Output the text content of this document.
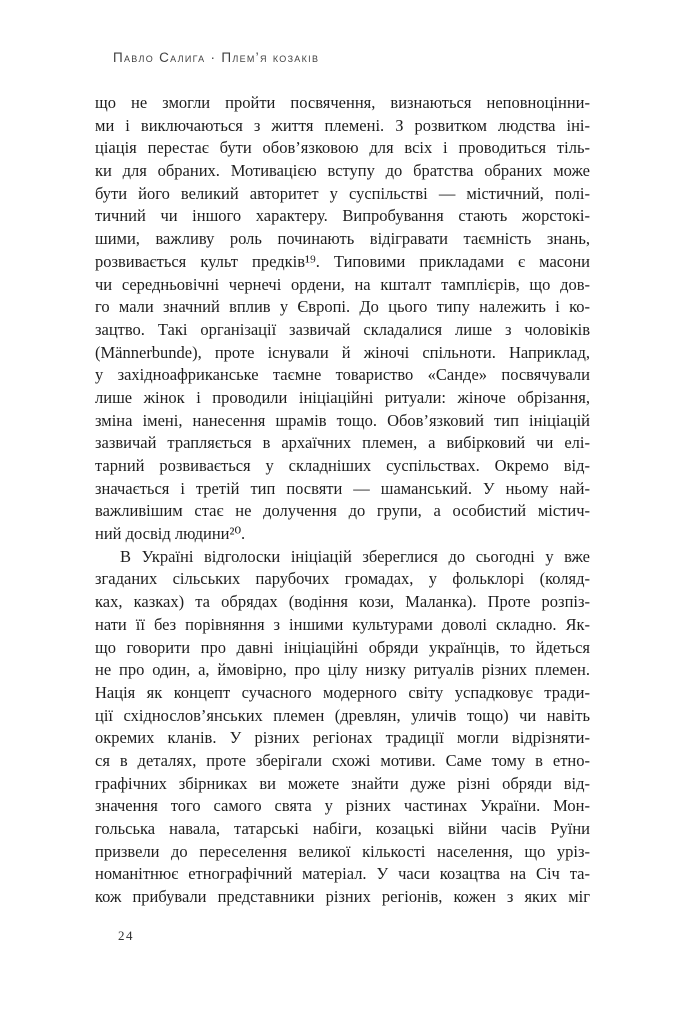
Павло Салига · Плем’я козаків
що не змогли пройти посвячення, визнаються неповноцінни-
ми і виключаються з життя племені. З розвитком людства іні-
ціація перестає бути обов’язковою для всіх і проводиться тіль-
ки для обраних. Мотивацією вступу до братства обраних може
бути його великий авторитет у суспільстві — містичний, полі-
тичний чи іншого характеру. Випробування стають жорстокі-
шими, важливу роль починають відігравати таємність знань,
розвивається культ предків¹⁹. Типовими прикладами є масони
чи середньовічні чернечі ордени, на кшталт тамплієрів, що дов-
го мали значний вплив у Європі. До цього типу належить і ко-
зацтво. Такі організації зазвичай складалися лише з чоловіків
(Männerbunde), проте існували й жіночі спільноти. Наприклад,
у західноафриканське таємне товариство «Санде» посвячували
лише жінок і проводили ініціаційні ритуали: жіноче обрізання,
зміна імені, нанесення шрамів тощо. Обов’язковий тип ініціацій
зазвичай трапляється в архаїчних племен, а вибірковий чи елі-
тарний розвивається у складніших суспільствах. Окремо від-
значається і третій тип посвяти — шаманський. У ньому най-
важливішим стає не долучення до групи, а особистий містич-
ний досвід людини²⁰.
В Україні відголоски ініціацій збереглися до сьогодні у вже
згаданих сільських парубочих громадах, у фольклорі (коляд-
ках, казках) та обрядах (водіння кози, Маланка). Проте розпіз-
нати її без порівняння з іншими культурами доволі складно. Як-
що говорити про давні ініціаційні обряди українців, то йдеться
не про один, а, ймовірно, про цілу низку ритуалів різних племен.
Нація як концепт сучасного модерного світу успадковує тради-
ції східнослов’янських племен (древлян, уличів тощо) чи навіть
окремих кланів. У різних регіонах традиції могли відрізняти-
ся в деталях, проте зберігали схожі мотиви. Саме тому в етно-
графічних збірниках ви можете знайти дуже різні обряди від-
значення того самого свята у різних частинах України. Мон-
гольська навала, татарські набіги, козацькі війни часів Руїни
призвели до переселення великої кількості населення, що уріз-
номанітнює етнографічний матеріал. У часи козацтва на Січ та-
кож прибували представники різних регіонів, кожен з яких міг
24
